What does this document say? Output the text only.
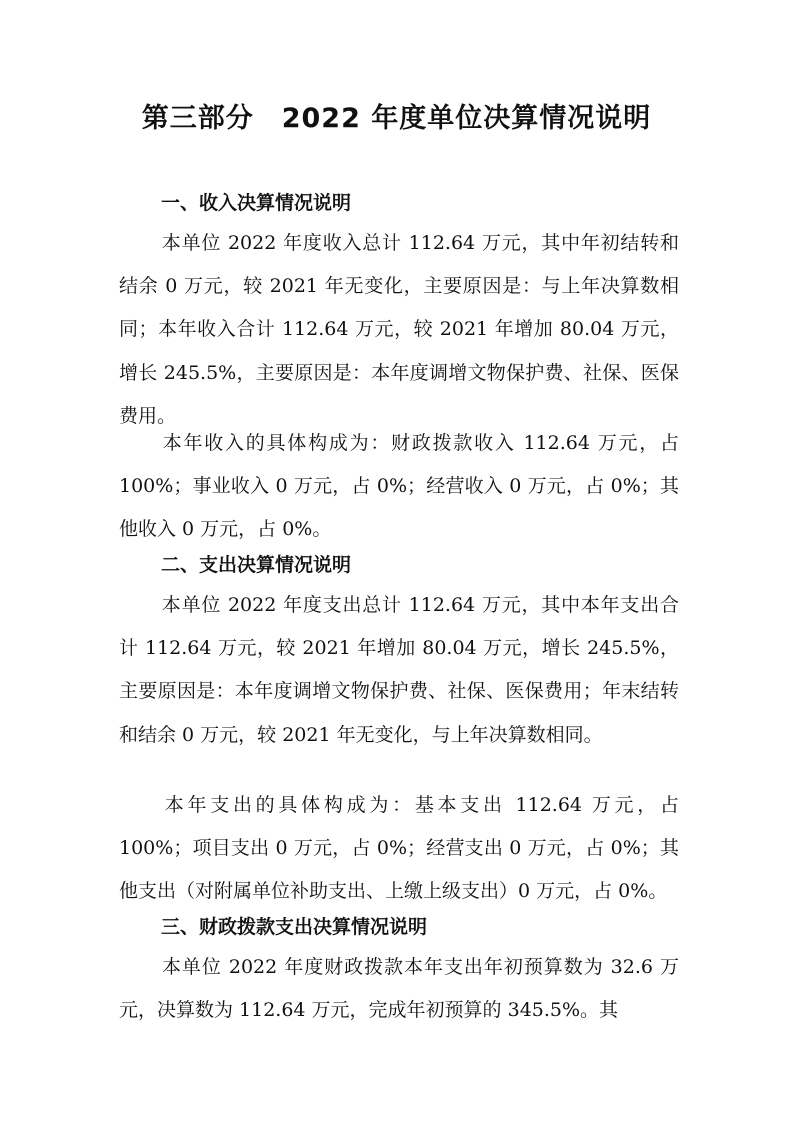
第三部分　2022 年度单位决算情况说明
一、收入决算情况说明

本单位 2022 年度收入总计 112.64 万元，其中年初结转和结余 0 万元，较 2021 年无变化，主要原因是：与上年决算数相同；本年收入合计 112.64 万元，较 2021 年增加 80.04 万元，增长 245.5%，主要原因是：本年度调增文物保护费、社保、医保费用。

本年收入的具体构成为：财政拨款收入 112.64 万元，占 100%；事业收入 0 万元，占 0%；经营收入 0 万元，占 0%；其他收入 0 万元，占 0%。

二、支出决算情况说明

本单位 2022 年度支出总计 112.64 万元，其中本年支出合计 112.64 万元，较 2021 年增加 80.04 万元，增长 245.5%，主要原因是：本年度调增文物保护费、社保、医保费用；年末结转和结余 0 万元，较 2021 年无变化，与上年决算数相同。

本年支出的具体构成为：基本支出 112.64 万元，占 100%；项目支出 0 万元，占 0%；经营支出 0 万元，占 0%；其他支出（对附属单位补助支出、上缴上级支出）0 万元，占 0%。

三、财政拨款支出决算情况说明

本单位 2022 年度财政拨款本年支出年初预算数为 32.6 万元，决算数为 112.64 万元，完成年初预算的 345.5%。其
